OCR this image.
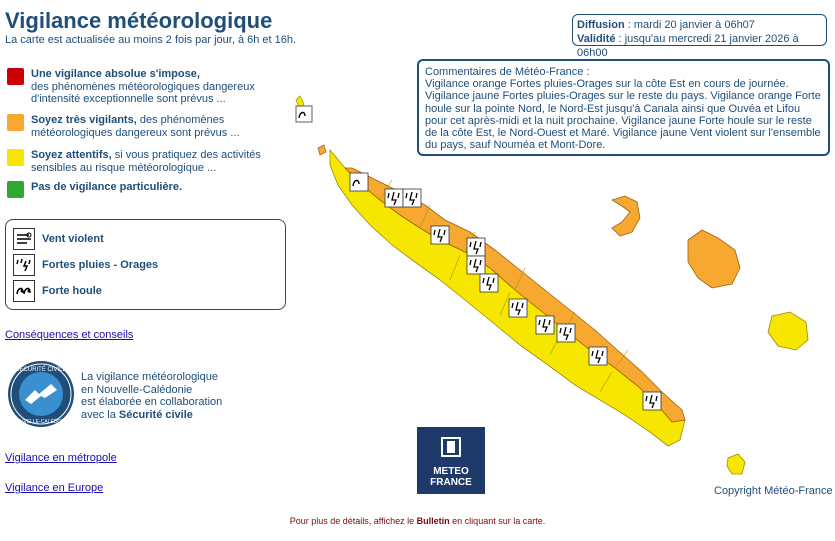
Vigilance météorologique
La carte est actualisée au moins 2 fois par jour, à 6h et 16h.
Diffusion : mardi 20 janvier à 06h07
Validité : jusqu'au mercredi 21 janvier 2026 à 06h00
Une vigilance absolue s'impose,
des phénomènes météorologiques dangereux d'intensité exceptionnelle sont prévus ...
Soyez très vigilants, des phénomènes météorologiques dangereux sont prévus ...
Soyez attentifs, si vous pratiquez des activités sensibles au risque météorologique ...
Pas de vigilance particulière.
Vent violent
Fortes pluies - Orages
Forte houle
Conséquences et conseils
SÉCURITÉ CIVILE
NOUVELLE-CALÉDONIE
La vigilance météorologique
en Nouvelle-Calédonie
est élaborée en collaboration
avec la Sécurité civile
Vigilance en métropole
Vigilance en Europe
Commentaires de Météo-France :
Vigilance orange Fortes pluies-Orages sur la côte Est en cours de journée. Vigilance jaune Fortes pluies-Orages sur le reste du pays. Vigilance orange Forte houle sur la pointe Nord, le Nord-Est jusqu'à Canala ainsi que Ouvéa et Lifou pour cet après-midi et la nuit prochaine. Vigilance jaune Forte houle sur le reste de la côte Est, le Nord-Ouest et Maré. Vigilance jaune Vent violent sur l'ensemble du pays, sauf Nouméa et Mont-Dore.
METEO
FRANCE
Copyright Météo-France
Pour plus de détails, affichez le Bulletin en cliquant sur la carte.
